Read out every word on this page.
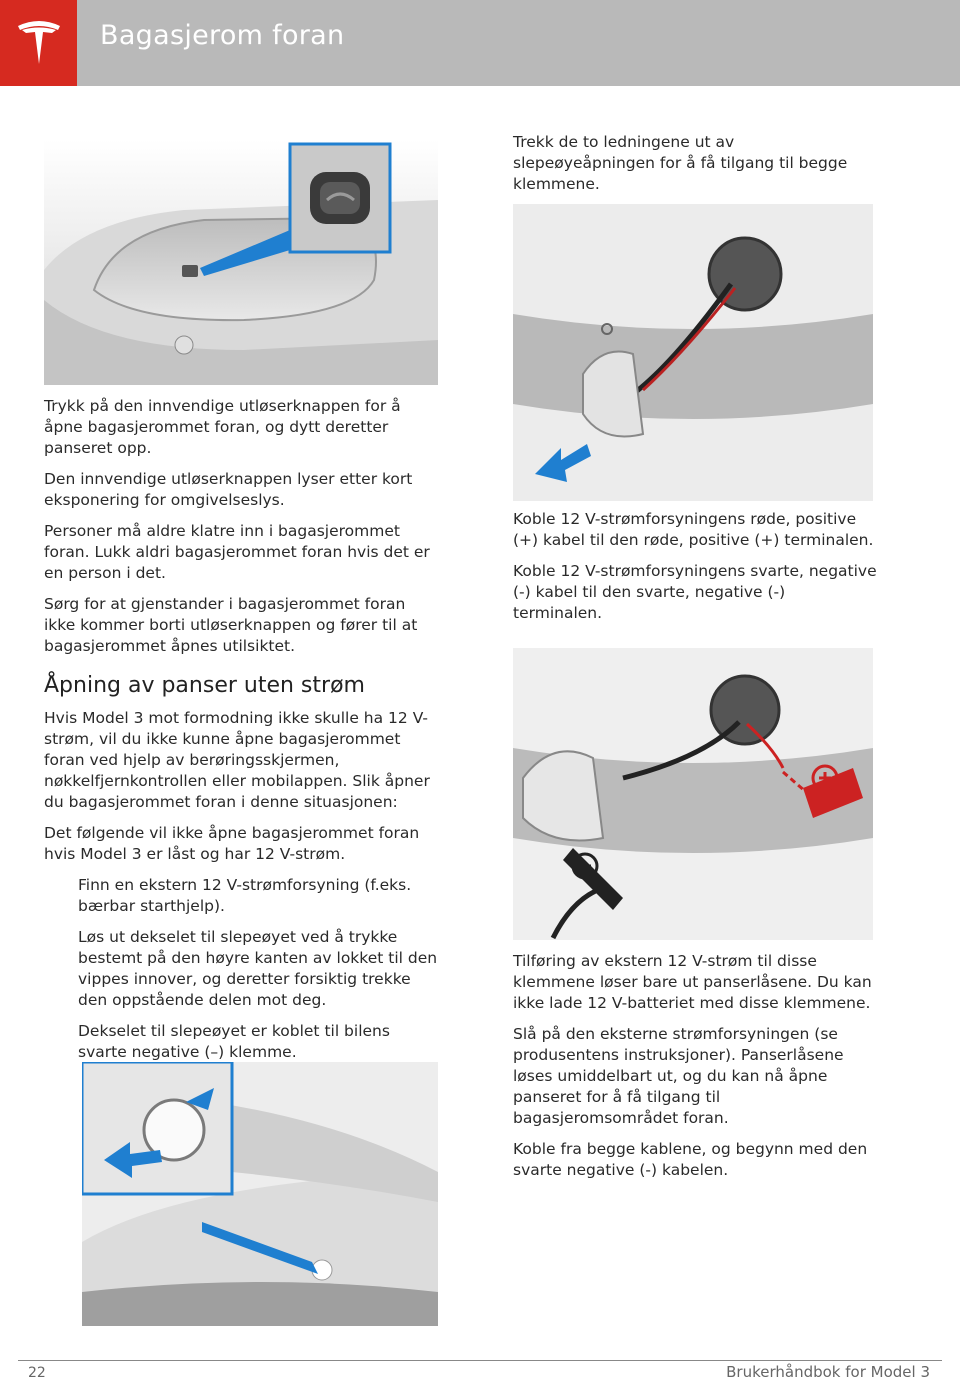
Bagasjerom foran

Trykk på den innvendige utløserknappen for å åpne bagasjerommet foran, og dytt deretter panseret opp.

Den innvendige utløserknappen lyser etter kort eksponering for omgivelseslys.

Personer må aldre klatre inn i bagasjerommet foran. Lukk aldri bagasjerommet foran hvis det er en person i det.

Sørg for at gjenstander i bagasjerommet foran ikke kommer borti utløserknappen og fører til at bagasjerommet åpnes utilsiktet.

Åpning av panser uten strøm

Hvis Model 3 mot formodning ikke skulle ha 12 V-strøm, vil du ikke kunne åpne bagasjerommet foran ved hjelp av berøringsskjermen, nøkkelfjernkontrollen eller mobilappen. Slik åpner du bagasjerommet foran i denne situasjonen:

Det følgende vil ikke åpne bagasjerommet foran hvis Model 3 er låst og har 12 V-strøm.

Finn en ekstern 12 V-strømforsyning (f.eks. bærbar starthjelp).

Løs ut dekselet til slepeøyet ved å trykke bestemt på den høyre kanten av lokket til den vippes innover, og deretter forsiktig trekke den oppstående delen mot deg.

Dekselet til slepeøyet er koblet til bilens svarte negative (–) klemme.

Trekk de to ledningene ut av slepeøyeåpningen for å få tilgang til begge klemmene.

Koble 12 V-strømforsyningens røde, positive (+) kabel til den røde, positive (+) terminalen.

Koble 12 V-strømforsyningens svarte, negative (-) kabel til den svarte, negative (-) terminalen.

Tilføring av ekstern 12 V-strøm til disse klemmene løser bare ut panserlåsene. Du kan ikke lade 12 V-batteriet med disse klemmene.

Slå på den eksterne strømforsyningen (se produsentens instruksjoner). Panserlåsene løses umiddelbart ut, og du kan nå åpne panseret for å få tilgang til bagasjeromsområdet foran.

Koble fra begge kablene, og begynn med den svarte negative (-) kabelen.

22	Brukerhåndbok for Model 3
